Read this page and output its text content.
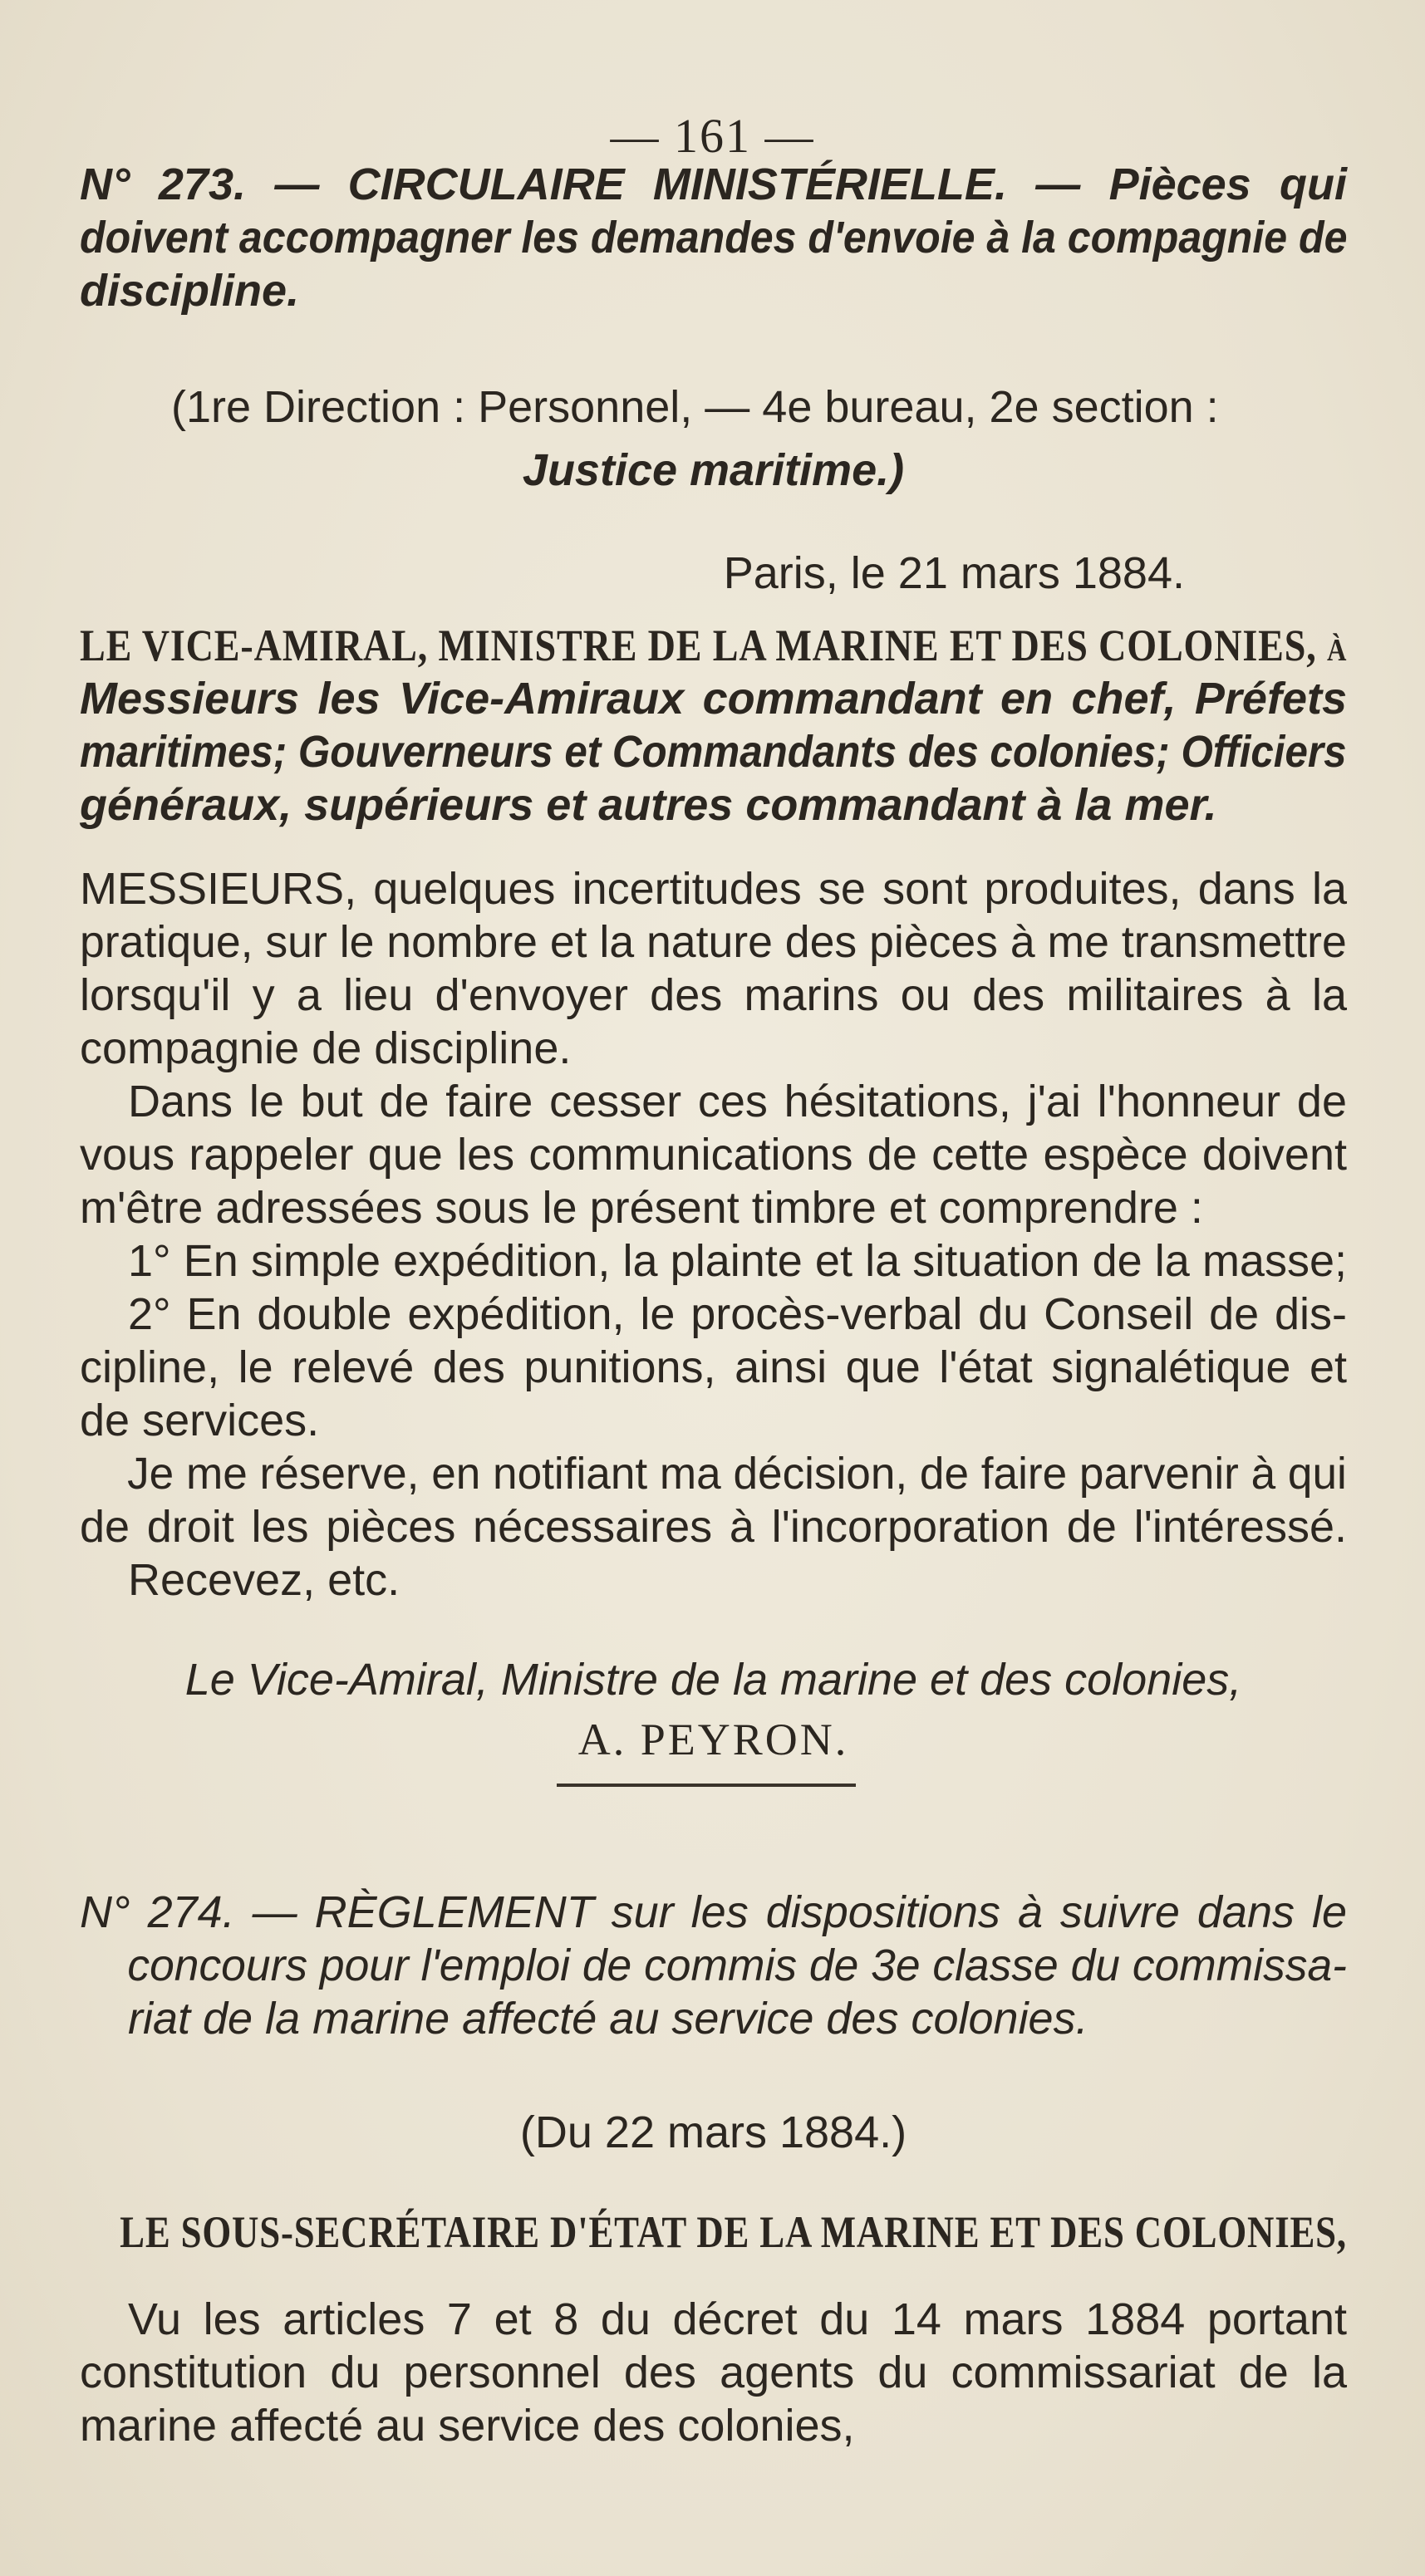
— 161 —
N° 273. — CIRCULAIRE MINISTÉRIELLE. — Pièces qui
doivent accompagner les demandes d'envoie à la compagnie de
discipline.
(1re Direction : Personnel, — 4e bureau, 2e section :
Justice maritime.)
Paris, le 21 mars 1884.
LE VICE-AMIRAL, MINISTRE DE LA MARINE ET DES COLONIES, à
Messieurs les Vice-Amiraux commandant en chef, Préfets
maritimes; Gouverneurs et Commandants des colonies; Officiers
généraux, supérieurs et autres commandant à la mer.
MESSIEURS, quelques incertitudes se sont produites, dans la
pratique, sur le nombre et la nature des pièces à me transmettre
lorsqu'il y a lieu d'envoyer des marins ou des militaires à la
compagnie de discipline.
Dans le but de faire cesser ces hésitations, j'ai l'honneur de
vous rappeler que les communications de cette espèce doivent
m'être adressées sous le présent timbre et comprendre :
1° En simple expédition, la plainte et la situation de la masse;
2° En double expédition, le procès-verbal du Conseil de dis-
cipline, le relevé des punitions, ainsi que l'état signalétique et
de services.
Je me réserve, en notifiant ma décision, de faire parvenir à qui
de droit les pièces nécessaires à l'incorporation de l'intéressé.
Recevez, etc.
Le Vice-Amiral, Ministre de la marine et des colonies,
A. PEYRON.
N° 274. — RÈGLEMENT sur les dispositions à suivre dans le
concours pour l'emploi de commis de 3e classe du commissa-
riat de la marine affecté au service des colonies.
(Du 22 mars 1884.)
LE SOUS-SECRÉTAIRE D'ÉTAT DE LA MARINE ET DES COLONIES,
Vu les articles 7 et 8 du décret du 14 mars 1884 portant
constitution du personnel des agents du commissariat de la
marine affecté au service des colonies,
